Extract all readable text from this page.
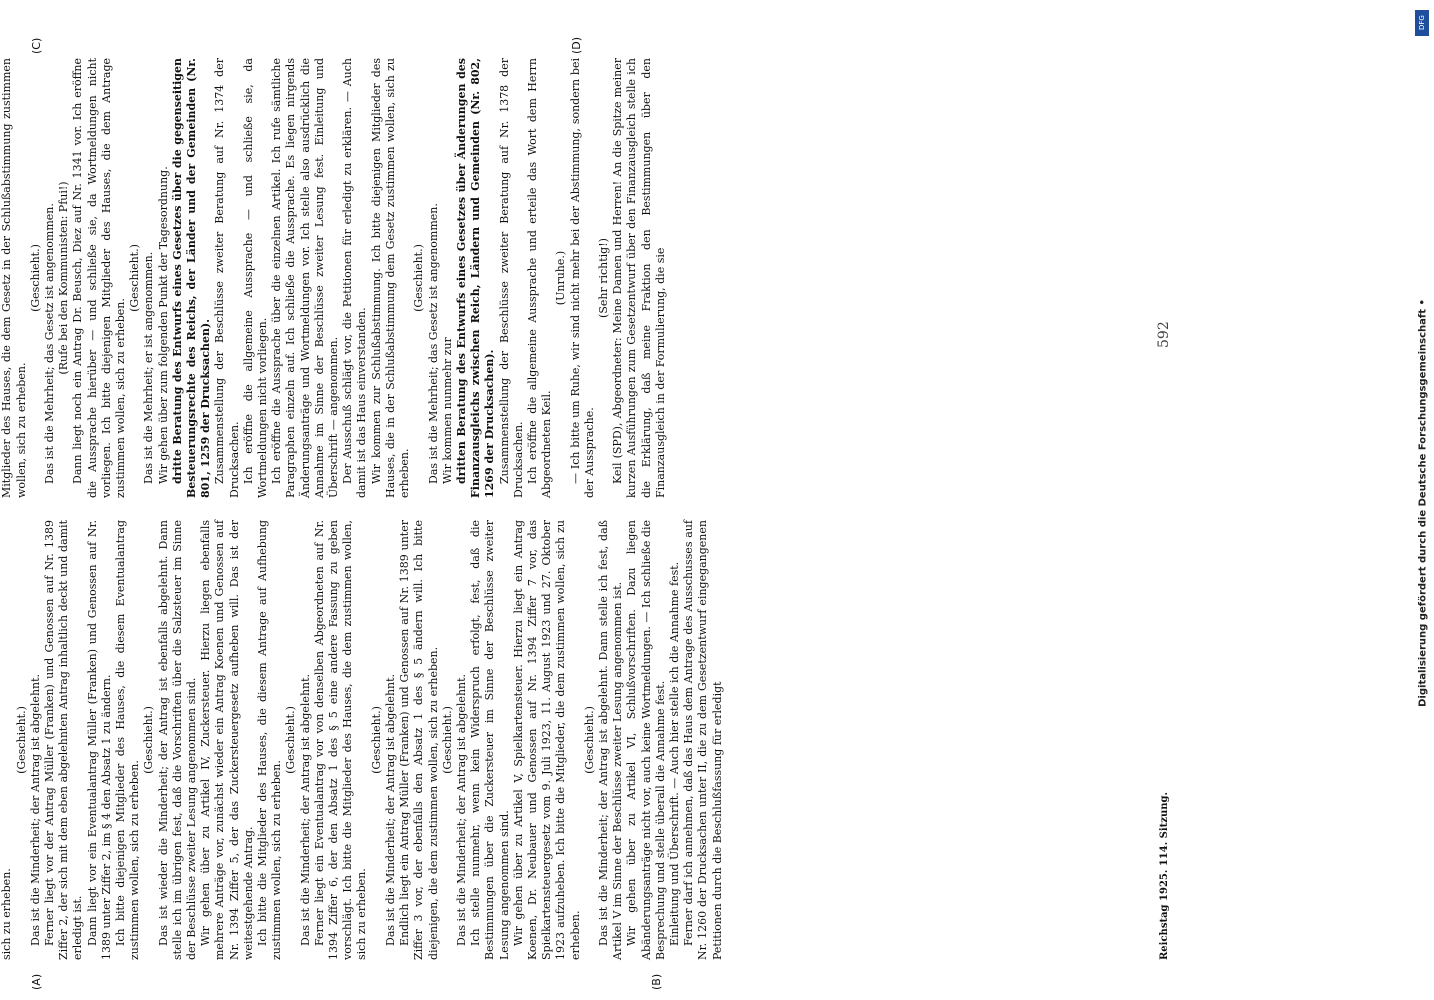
(A)	(B)
(C)	(D)

sich zu erheben.

(Geschieht.) Das ist die Minderheit; der Antrag ist abgelehnt. Ferner liegt vor der Antrag Müller (Franken) und Genossen auf Nr. 1389 Ziffer 2, der sich mit dem eben abgelehnten Antrag inhaltlich deckt und damit erledigt ist. Dann liegt vor ein Eventualantrag Müller (Franken) und Genossen auf Nr. 1389 unter Ziffer 2, im § 4 den Absatz 1 zu ändern. Ich bitte diejenigen Mitglieder des Hauses, die diesem Eventualantrag zustimmen wollen, sich zu erheben.

(Geschieht.) Das ist wieder die Minderheit; der Antrag ist ebenfalls abgelehnt. Dann stelle ich im übrigen fest, daß die Vorschriften über die Salzsteuer im Sinne der Beschlüsse zweiter Lesung angenommen sind. Wir gehen über zu Artikel IV, Zuckersteuer. Hierzu liegen ebenfalls mehrere Anträge vor, zunächst wieder ein Antrag Koenen und Genossen auf Nr. 1394 Ziffer 5, der das Zuckersteuergesetz aufheben will. Das ist der weitestgehende Antrag. Ich bitte die Mitglieder des Hauses, die diesem Antrage auf Aufhebung zustimmen wollen, sich zu erheben.

(Geschieht.) Das ist die Minderheit; der Antrag ist abgelehnt. Ferner liegt ein Eventualantrag vor von denselben Abgeordneten auf Nr. 1394 Ziffer 6, der den Absatz 1 des § 5 eine andere Fassung zu geben vorschlägt. Ich bitte die Mitglieder des Hauses, die dem zustimmen wollen, sich zu erheben.

(Geschieht.) Das ist die Minderheit; der Antrag ist abgelehnt. Endlich liegt ein Antrag Müller (Franken) und Genossen auf Nr. 1389 unter Ziffer 3 vor, der ebenfalls den Absatz 1 des § 5 ändern will. Ich bitte diejenigen, die dem zustimmen wollen, sich zu erheben. (Geschieht.) Das ist die Minderheit; der Antrag ist abgelehnt. Ich stelle nunmehr, wenn kein Widerspruch erfolgt, fest, daß die Bestimmungen über die Zuckersteuer im Sinne der Beschlüsse zweiter Lesung angenommen sind. Wir gehen über zu Artikel V, Spielkartensteuer. Hierzu liegt ein Antrag Koenen, Dr. Neubauer und Genossen auf Nr. 1394 Ziffer 7 vor, das Spielkartensteuergesetz vom 9. Juli 1923, 11. August 1923 und 27. Oktober 1923 aufzuheben. Ich bitte die Mitglieder, die dem zustimmen wollen, sich zu erheben.

(Geschieht.) Das ist die Minderheit; der Antrag ist abgelehnt. Dann stelle ich fest, daß Artikel V im Sinne der Beschlüsse zweiter Lesung angenommen ist. Wir gehen über zu Artikel VI, Schlußvorschriften. Dazu liegen Abänderungsanträge nicht vor, auch keine Wortmeldungen. — Ich schließe die Besprechung und stelle überall die Annahme fest. Einleitung und Überschrift. — Auch hier stelle ich die Annahme fest. Ferner darf ich annehmen, daß das Haus dem Antrage des Ausschusses auf Nr. 1260 der Drucksachen unter II, die zu dem Gesetzentwurf eingegangenen Petitionen durch die Beschlußfassung für erledigt

Mitglieder des Hauses, die dem Gesetz in der Schlußabstimmung zustimmen wollen, sich zu erheben.

(Geschieht.) Das ist die Mehrheit; das Gesetz ist angenommen. (Rufe bei den Kommunisten: Pfui!) Dann liegt noch ein Antrag Dr. Beusch, Diez auf Nr. 1341 vor. Ich eröffne die Aussprache hierüber — und schließe sie, da Wortmeldungen nicht vorliegen. Ich bitte diejenigen Mitglieder des Hauses, die dem Antrage zustimmen wollen, sich zu erheben.

(Geschieht.) Das ist die Mehrheit; er ist angenommen. Wir gehen über zum folgenden Punkt der Tagesordnung. dritte Beratung des Entwurfs eines Gesetzes über die gegenseitigen Besteuerungsrechte des Reichs, der Länder und der Gemeinden (Nr. 801, 1259 der Drucksachen). Zusammenstellung der Beschlüsse zweiter Beratung auf Nr. 1374 der Drucksachen. Ich eröffne die allgemeine Aussprache — und schließe sie, da Wortmeldungen nicht vorliegen. Ich eröffne die Aussprache über die einzelnen Artikel. Ich rufe sämtliche Paragraphen einzeln auf. Ich schließe die Aussprache. Es liegen nirgends Änderungsanträge und Wortmeldungen vor. Ich stelle also ausdrücklich die Annahme im Sinne der Beschlüsse zweiter Lesung fest. Einleitung und Überschrift — angenommen. Der Ausschuß schlägt vor, die Petitionen für erledigt zu erklären. — Auch damit ist das Haus einverstanden. Wir kommen zur Schlußabstimmung. Ich bitte diejenigen Mitglieder des Hauses, die in der Schlußabstimmung dem Gesetz zustimmen wollen, sich zu erheben.

(Geschieht.) Das ist die Mehrheit; das Gesetz ist angenommen. Wir kommen nunmehr zur dritten Beratung des Entwurfs eines Gesetzes über Änderungen des Finanzausgleichs zwischen Reich, Ländern und Gemeinden (Nr. 802, 1269 der Drucksachen). Zusammenstellung der Beschlüsse zweiter Beratung auf Nr. 1378 der Drucksachen. Ich eröffne die allgemeine Aussprache und erteile das Wort dem Herrn Abgeordneten Keil.

(Unruhe.) — Ich bitte um Ruhe, wir sind nicht mehr bei der Abstimmung, sondern bei der Aussprache.

(Sehr richtig!) Keil (SPD), Abgeordneter: Meine Damen und Herren! An die Spitze meiner kurzen Ausführungen zum Gesetzentwurf über den Finanzausgleich stelle ich die Erklärung, daß meine Fraktion den Bestimmungen über den Finanzausgleich in der Formulierung, die sie

Reichstag 1925. 114. Sitzung.
592
DFG
Digitalisierung gefördert durch die Deutsche Forschungsgemeinschaft •
